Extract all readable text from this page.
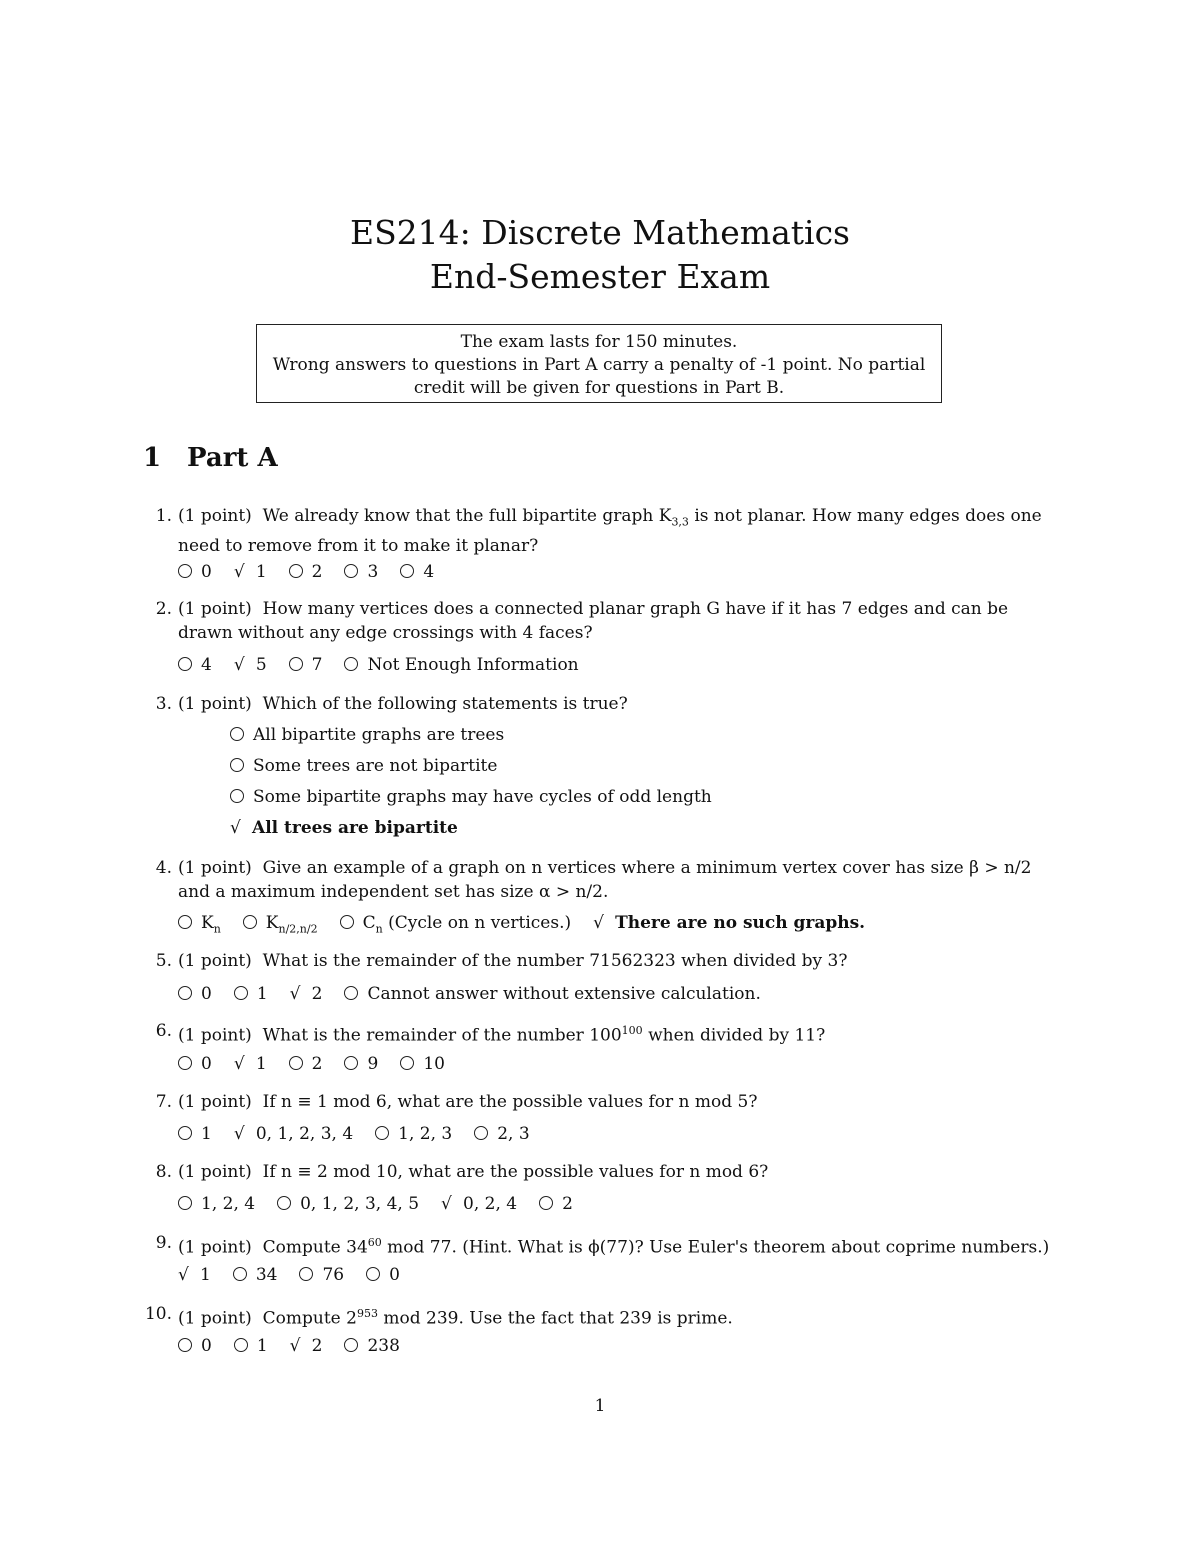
ES214: Discrete Mathematics
End-Semester Exam
The exam lasts for 150 minutes.
Wrong answers to questions in Part A carry a penalty of -1 point. No partial
credit will be given for questions in Part B.
1 Part A
1. (1 point) We already know that the full bipartite graph $K_{3,3}$ is not planar. How many edges does one need to remove from it to make it planar?
0 √ 1	2	3	4
2. (1 point) How many vertices does a connected planar graph G have if it has 7 edges and can be drawn without any edge crossings with 4 faces?
4 √ 5	7	Not Enough Information
3. (1 point) Which of the following statements is true?
All bipartite graphs are trees
Some trees are not bipartite
Some bipartite graphs may have cycles of odd length
√ All trees are bipartite
4. (1 point) Give an example of a graph on n vertices where a minimum vertex cover has size β > n/2 and a maximum independent set has size α > n/2.
$K_n$	$K_{n/2,n/2}$	$C_n$ (Cycle on n vertices.) √ There are no such graphs.
5. (1 point) What is the remainder of the number 71562323 when divided by 3?
0	1 √ 2	Cannot answer without extensive calculation.
6. (1 point) What is the remainder of the number $100^{100}$ when divided by 11?
0 √ 1	2	9	10
7. (1 point) If n ≡ 1 mod 6, what are the possible values for n mod 5?
1 √ 0, 1, 2, 3, 4	1, 2, 3	2, 3
8. (1 point) If n ≡ 2 mod 10, what are the possible values for n mod 6?
1, 2, 4	0, 1, 2, 3, 4, 5 √ 0, 2, 4	2
9. (1 point) Compute $34^{60}$ mod 77. (Hint. What is ϕ(77)? Use Euler's theorem about coprime numbers.)
√ 1	34	76	0
10. (1 point) Compute $2^{953}$ mod 239. Use the fact that 239 is prime.
0	1 √ 2	238
1
